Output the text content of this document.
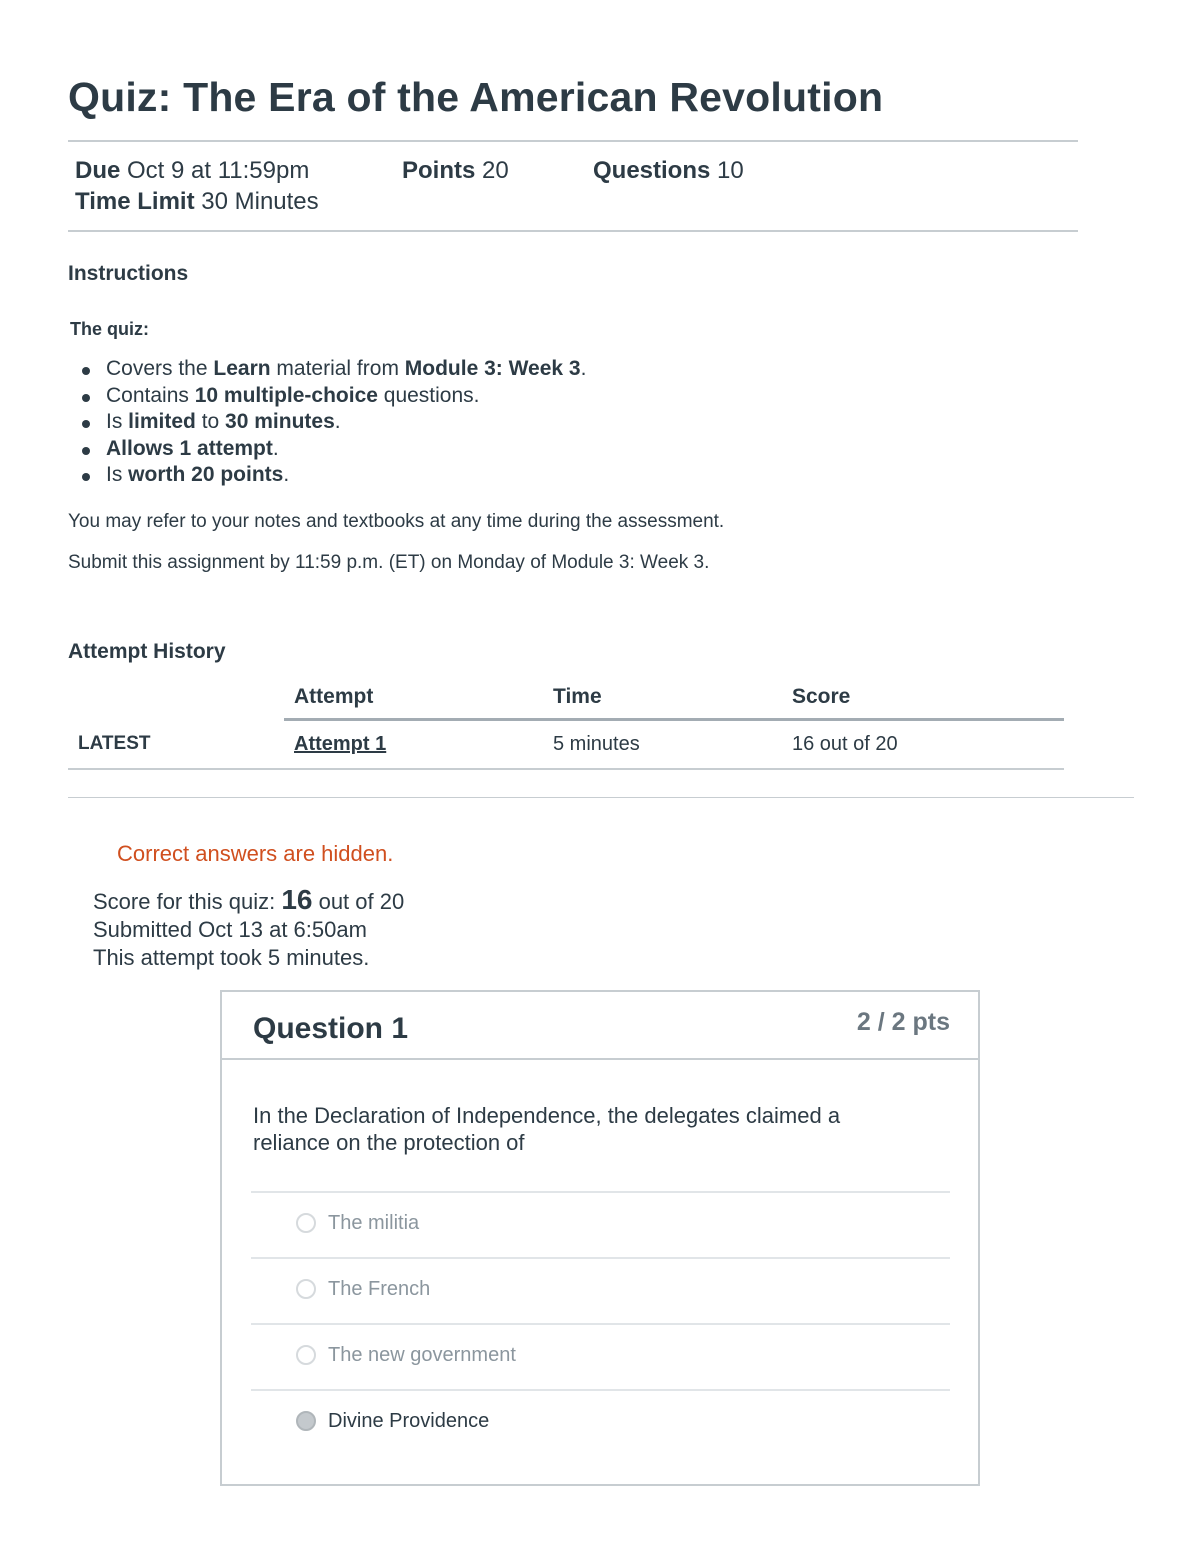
Quiz: The Era of the American Revolution
Due Oct 9 at 11:59pm	Points 20	Questions 10
Time Limit 30 Minutes
Instructions
The quiz:
Covers the Learn material from Module 3: Week 3.
Contains 10 multiple-choice questions.
Is limited to 30 minutes.
Allows 1 attempt.
Is worth 20 points.
You may refer to your notes and textbooks at any time during the assessment.
Submit this assignment by 11:59 p.m. (ET) on Monday of Module 3: Week 3.
Attempt History
	Attempt	Time	Score
LATEST	Attempt 1	5 minutes	16 out of 20
Correct answers are hidden.
Score for this quiz: 16 out of 20
Submitted Oct 13 at 6:50am
This attempt took 5 minutes.
Question 1	2 / 2 pts
In the Declaration of Independence, the delegates claimed a reliance on the protection of
The militia
The French
The new government
Divine Providence
